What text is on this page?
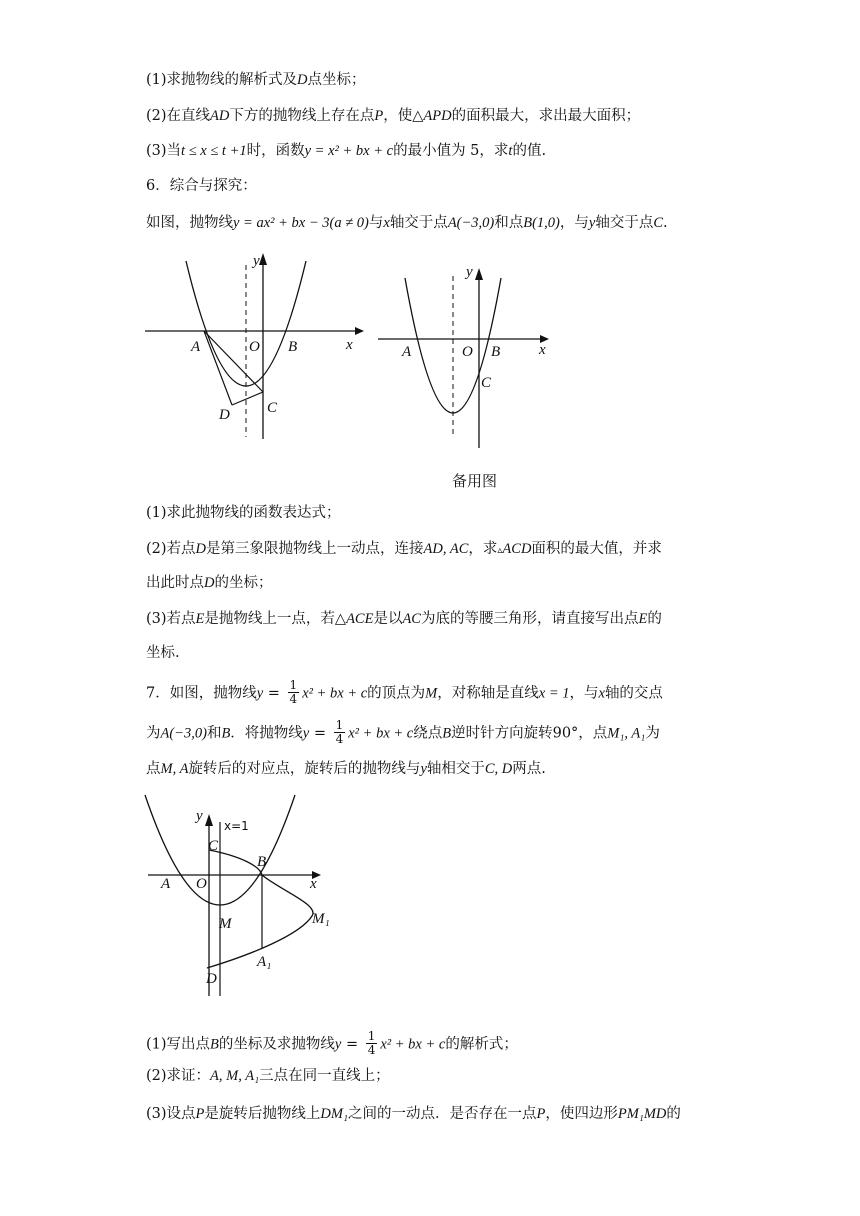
(1)求抛物线的解析式及D点坐标；
(2)在直线AD下方的抛物线上存在点P，使△APD的面积最大，求出最大面积；
(3)当t ≤ x ≤ t +1时，函数y = x² + bx + c的最小值为 5，求t的值.
6．综合与探究：
如图，抛物线y = ax² + bx − 3(a ≠ 0)与x轴交于点A(−3,0)和点B(1,0)，与y轴交于点C.
y
x
A	O B
C
D
y
x
A	O B
C
备用图
(1)求此抛物线的函数表达式；
(2)若点D是第三象限抛物线上一动点，连接AD, AC，求▵ACD面积的最大值，并求
出此时点D的坐标；
(3)若点E是抛物线上一点，若△ACE是以AC为底的等腰三角形，请直接写出点E的
坐标.
7．如图，抛物线$y = \frac{1}{4} x^2$ + bx + c的顶点为M，对称轴是直线x = 1，与x轴的交点
为A(−3,0)和B．将抛物线$y = \frac{1}{4} x^2$ + bx + c绕点B逆时针方向旋转90°，点M₁, A₁为
点M, A旋转后的对应点，旋转后的抛物线与y轴相交于C, D两点.
y
x=1
x
C
B
A O
M	M₁
A₁
D
(1)写出点B的坐标及求抛物线$y = \frac{1}{4} x^2$ + bx + c的解析式；
(2)求证：A, M, A₁三点在同一直线上；
(3)设点P是旋转后抛物线上DM₁之间的一动点．是否存在一点P，使四边形PM₁MD的
